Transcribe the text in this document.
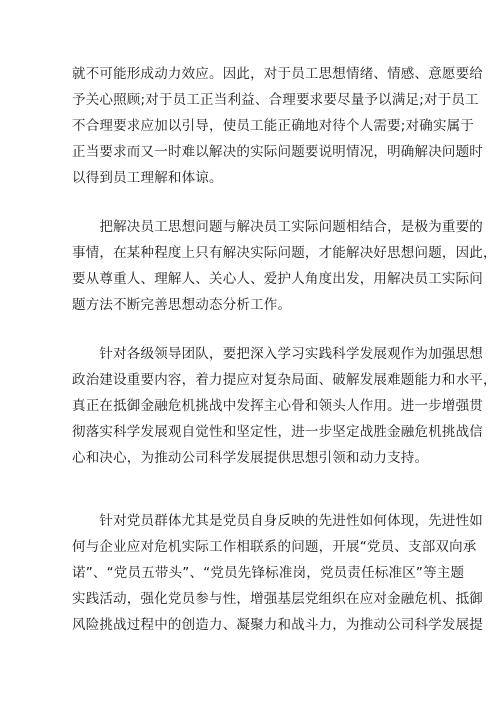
就不可能形成动力效应。因此，对于员工思想情绪、情感、意愿要给
予关心照顾;对于员工正当利益、合理要求要尽量予以满足;对于员工
不合理要求应加以引导，使员工能正确地对待个人需要;对确实属于
正当要求而又一时难以解决的实际问题要说明情况，明确解决问题时
以得到员工理解和体谅。
　　把解决员工思想问题与解决员工实际问题相结合，是极为重要的
事情，在某种程度上只有解决实际问题，才能解决好思想问题，因此，
要从尊重人、理解人、关心人、爱护人角度出发，用解决员工实际问
题方法不断完善思想动态分析工作。
　　针对各级领导团队，要把深入学习实践科学发展观作为加强思想
政治建设重要内容，着力提应对复杂局面、破解发展难题能力和水平，
真正在抵御金融危机挑战中发挥主心骨和领头人作用。进一步增强贯
彻落实科学发展观自觉性和坚定性，进一步坚定战胜金融危机挑战信
心和决心，为推动公司科学发展提供思想引领和动力支持。
　　针对党员群体尤其是党员自身反映的先进性如何体现，先进性如
何与企业应对危机实际工作相联系的问题，开展“党员、支部双向承
诺”、“党员五带头”、“党员先锋标准岗，党员责任标准区”等主题
实践活动，强化党员参与性，增强基层党组织在应对金融危机、抵御
风险挑战过程中的创造力、凝聚力和战斗力，为推动公司科学发展提
